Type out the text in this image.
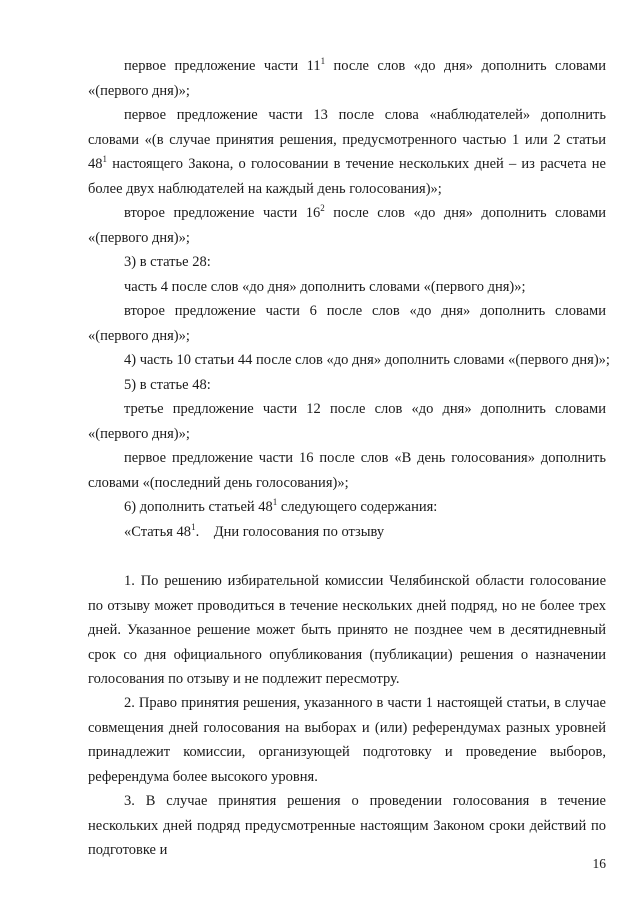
первое предложение части $11^1$ после слов «до дня» дополнить словами «(первого дня)»;
первое предложение части 13 после слова «наблюдателей» дополнить словами «(в случае принятия решения, предусмотренного частью 1 или 2 статьи $48^1$ настоящего Закона, о голосовании в течение нескольких дней – из расчета не более двух наблюдателей на каждый день голосования)»;
второе предложение части $16^2$ после слов «до дня» дополнить словами «(первого дня)»;
3) в статье 28:
часть 4 после слов «до дня» дополнить словами «(первого дня)»;
второе предложение части 6 после слов «до дня» дополнить словами «(первого дня)»;
4) часть 10 статьи 44 после слов «до дня» дополнить словами «(первого дня)»;
5) в статье 48:
третье предложение части 12 после слов «до дня» дополнить словами «(первого дня)»;
первое предложение части 16 после слов «В день голосования» дополнить словами «(последний день голосования)»;
6) дополнить статьей $48^1$ следующего содержания:
«Статья $48^1$.    Дни голосования по отзыву
1. По решению избирательной комиссии Челябинской области голосование по отзыву может проводиться в течение нескольких дней подряд, но не более трех дней. Указанное решение может быть принято не позднее чем в десятидневный срок со дня официального опубликования (публикации) решения о назначении голосования по отзыву и не подлежит пересмотру.
2. Право принятия решения, указанного в части 1 настоящей статьи, в случае совмещения дней голосования на выборах и (или) референдумах разных уровней принадлежит комиссии, организующей подготовку и проведение выборов, референдума более высокого уровня.
3. В случае принятия решения о проведении голосования в течение нескольких дней подряд предусмотренные настоящим Законом сроки действий по подготовке и
16
